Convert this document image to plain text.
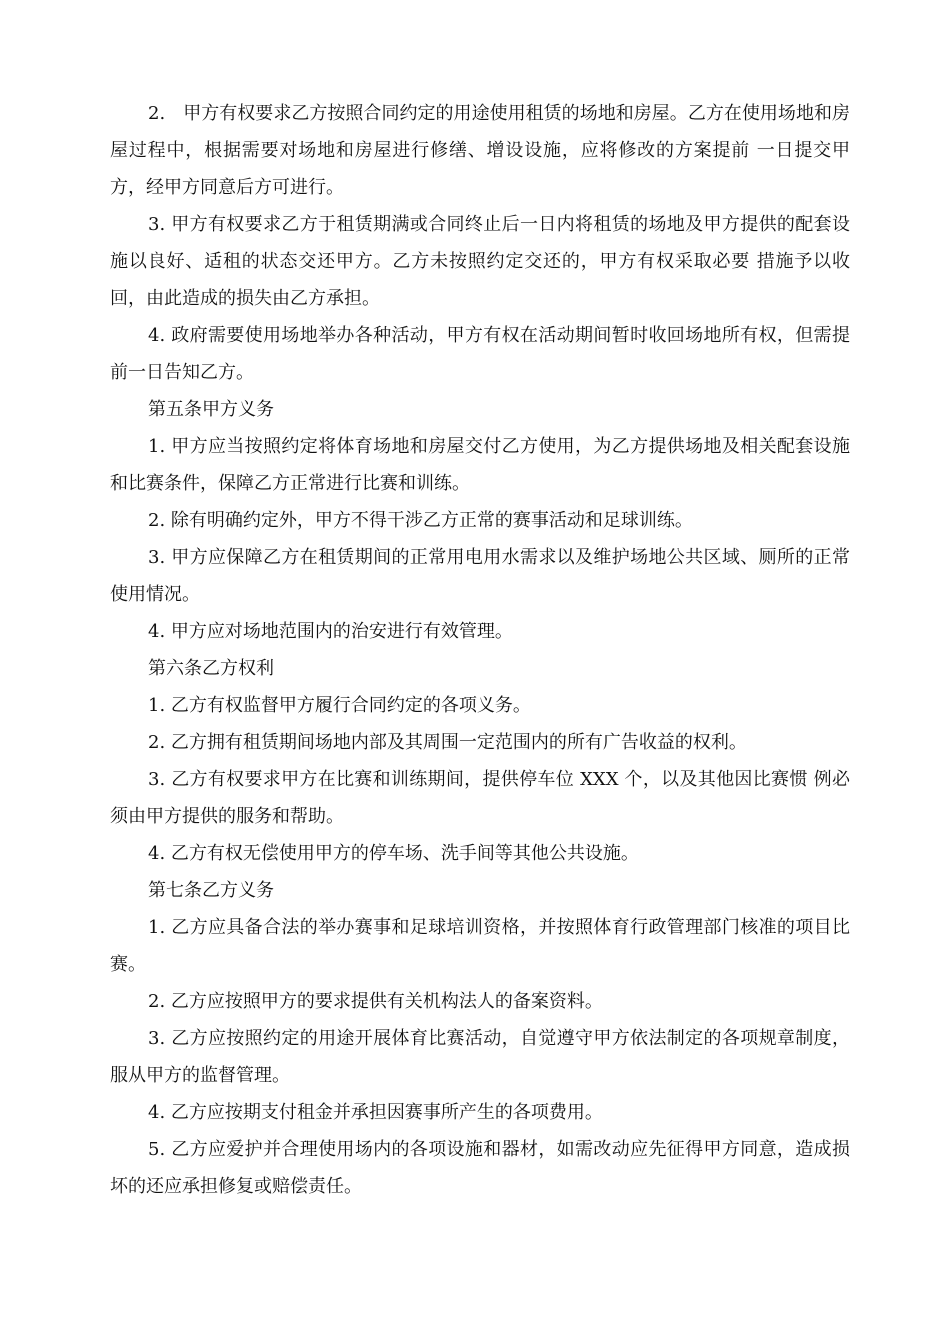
2.　甲方有权要求乙方按照合同约定的用途使用租赁的场地和房屋。乙方在使用场地和房屋过程中，根据需要对场地和房屋进行修缮、增设设施，应将修改的方案提前 一日提交甲方，经甲方同意后方可进行。

3. 甲方有权要求乙方于租赁期满或合同终止后一日内将租赁的场地及甲方提供的配套设施以良好、适租的状态交还甲方。乙方未按照约定交还的，甲方有权采取必要 措施予以收回，由此造成的损失由乙方承担。

4. 政府需要使用场地举办各种活动，甲方有权在活动期间暂时收回场地所有权，但需提前一日告知乙方。

第五条甲方义务

1. 甲方应当按照约定将体育场地和房屋交付乙方使用，为乙方提供场地及相关配套设施和比赛条件，保障乙方正常进行比赛和训练。

2. 除有明确约定外，甲方不得干涉乙方正常的赛事活动和足球训练。

3. 甲方应保障乙方在租赁期间的正常用电用水需求以及维护场地公共区域、厕所的正常使用情况。

4. 甲方应对场地范围内的治安进行有效管理。

第六条乙方权利

1. 乙方有权监督甲方履行合同约定的各项义务。

2. 乙方拥有租赁期间场地内部及其周围一定范围内的所有广告收益的权利。

3. 乙方有权要求甲方在比赛和训练期间，提供停车位 XXX 个，以及其他因比赛惯 例必须由甲方提供的服务和帮助。

4. 乙方有权无偿使用甲方的停车场、洗手间等其他公共设施。

第七条乙方义务

1. 乙方应具备合法的举办赛事和足球培训资格，并按照体育行政管理部门核准的项目比赛。

2. 乙方应按照甲方的要求提供有关机构法人的备案资料。

3. 乙方应按照约定的用途开展体育比赛活动，自觉遵守甲方依法制定的各项规章制度，服从甲方的监督管理。

4. 乙方应按期支付租金并承担因赛事所产生的各项费用。

5. 乙方应爱护并合理使用场内的各项设施和器材，如需改动应先征得甲方同意，造成损坏的还应承担修复或赔偿责任。
